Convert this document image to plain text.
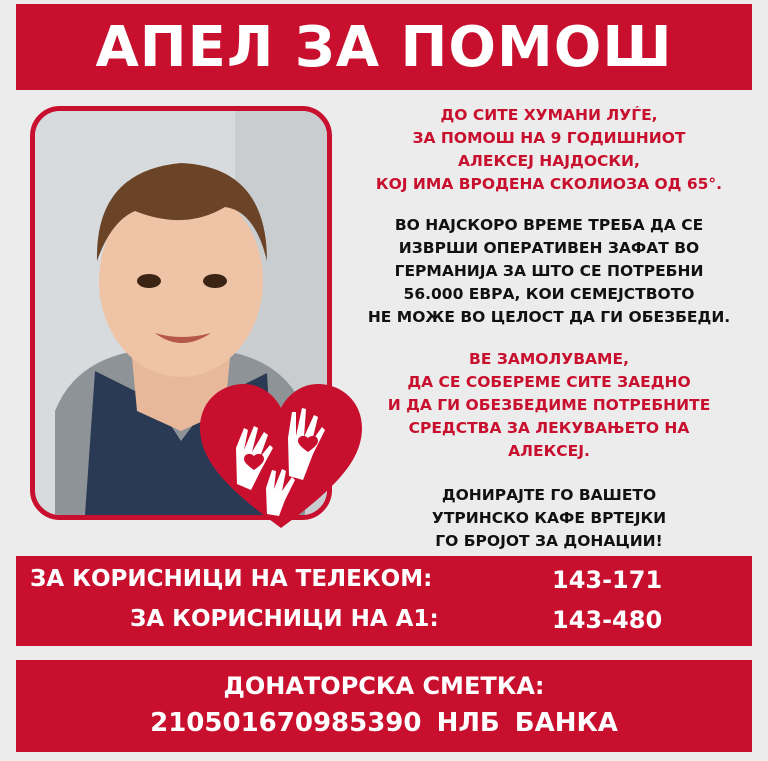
АПЕЛ ЗА ПОМОШ

ДО СИТЕ ХУМАНИ ЛУЃЕ,

ЗА ПОМОШ НА 9 ГОДИШНИОТ

АЛЕКСЕЈ НАЈДОСКИ,

КОЈ ИМА ВРОДЕНА СКОЛИОЗА ОД 65°.

ВО НАЈСКОРО ВРЕМЕ ТРЕБА ДА СЕ

ИЗВРШИ ОПЕРАТИВЕН ЗАФАТ ВО

ГЕРМАНИЈА ЗА ШТО СЕ ПОТРЕБНИ

56.000 ЕВРА, КОИ СЕМЕЈСТВОТО

НЕ МОЖЕ ВО ЦЕЛОСТ ДА ГИ ОБЕЗБЕДИ.

ВЕ ЗАМОЛУВАМЕ,

ДА СЕ СОБЕРЕМЕ СИТЕ ЗАЕДНО

И ДА ГИ ОБЕЗБЕДИМЕ ПОТРЕБНИТЕ

СРЕДСТВА ЗА ЛЕКУВАЊЕТО НА

АЛЕКСЕЈ.

ДОНИРАЈТЕ ГО ВАШЕТО

УТРИНСКО КАФЕ ВРТЕЈКИ

ГО БРОЈОТ ЗА ДОНАЦИИ!

ЗА КОРИСНИЦИ НА ТЕЛЕКОМ:	143-171
ЗА КОРИСНИЦИ НА А1:	143-480
ДОНАТОРСКА СМЕТКА:
210501670985390 НЛБ БАНКА
